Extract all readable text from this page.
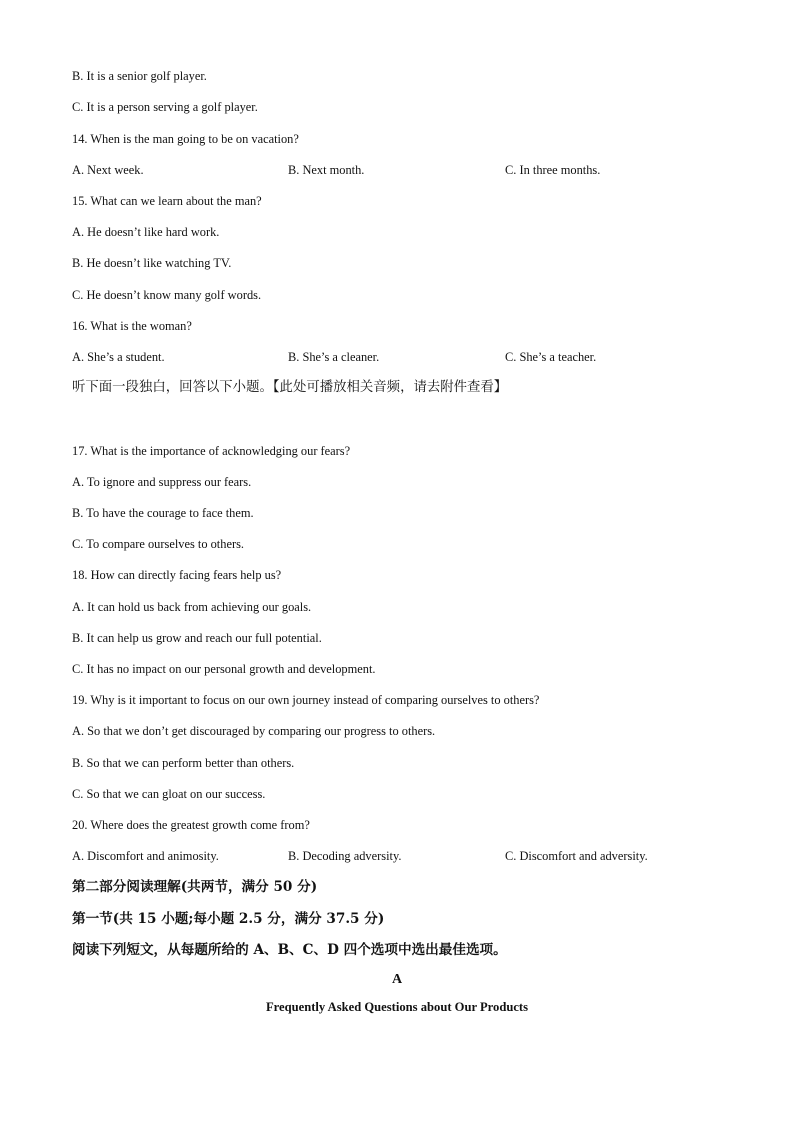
B. It is a senior golf player.
C. It is a person serving a golf player.
14. When is the man going to be on vacation?
A. Next week.	B. Next month.	C. In three months.
15. What can we learn about the man?
A. He doesn’t like hard work.
B. He doesn’t like watching TV.
C. He doesn’t know many golf words.
16. What is the woman?
A. She’s a student.	B. She’s a cleaner.	C. She’s a teacher.
听下面一段独白，回答以下小题。【此处可播放相关音频，请去附件查看】
17. What is the importance of acknowledging our fears?
A. To ignore and suppress our fears.
B. To have the courage to face them.
C. To compare ourselves to others.
18. How can directly facing fears help us?
A. It can hold us back from achieving our goals.
B. It can help us grow and reach our full potential.
C. It has no impact on our personal growth and development.
19. Why is it important to focus on our own journey instead of comparing ourselves to others?
A. So that we don’t get discouraged by comparing our progress to others.
B. So that we can perform better than others.
C. So that we can gloat on our success.
20. Where does the greatest growth come from?
A. Discomfort and animosity.	B. Decoding adversity.	C. Discomfort and adversity.
第二部分阅读理解(共两节，满分 50 分)
第一节(共 15 小题;每小题 2.5 分，满分 37.5 分)
阅读下列短文，从每题所给的 A、B、C、D 四个选项中选出最佳选项。
A
Frequently Asked Questions about Our Products
